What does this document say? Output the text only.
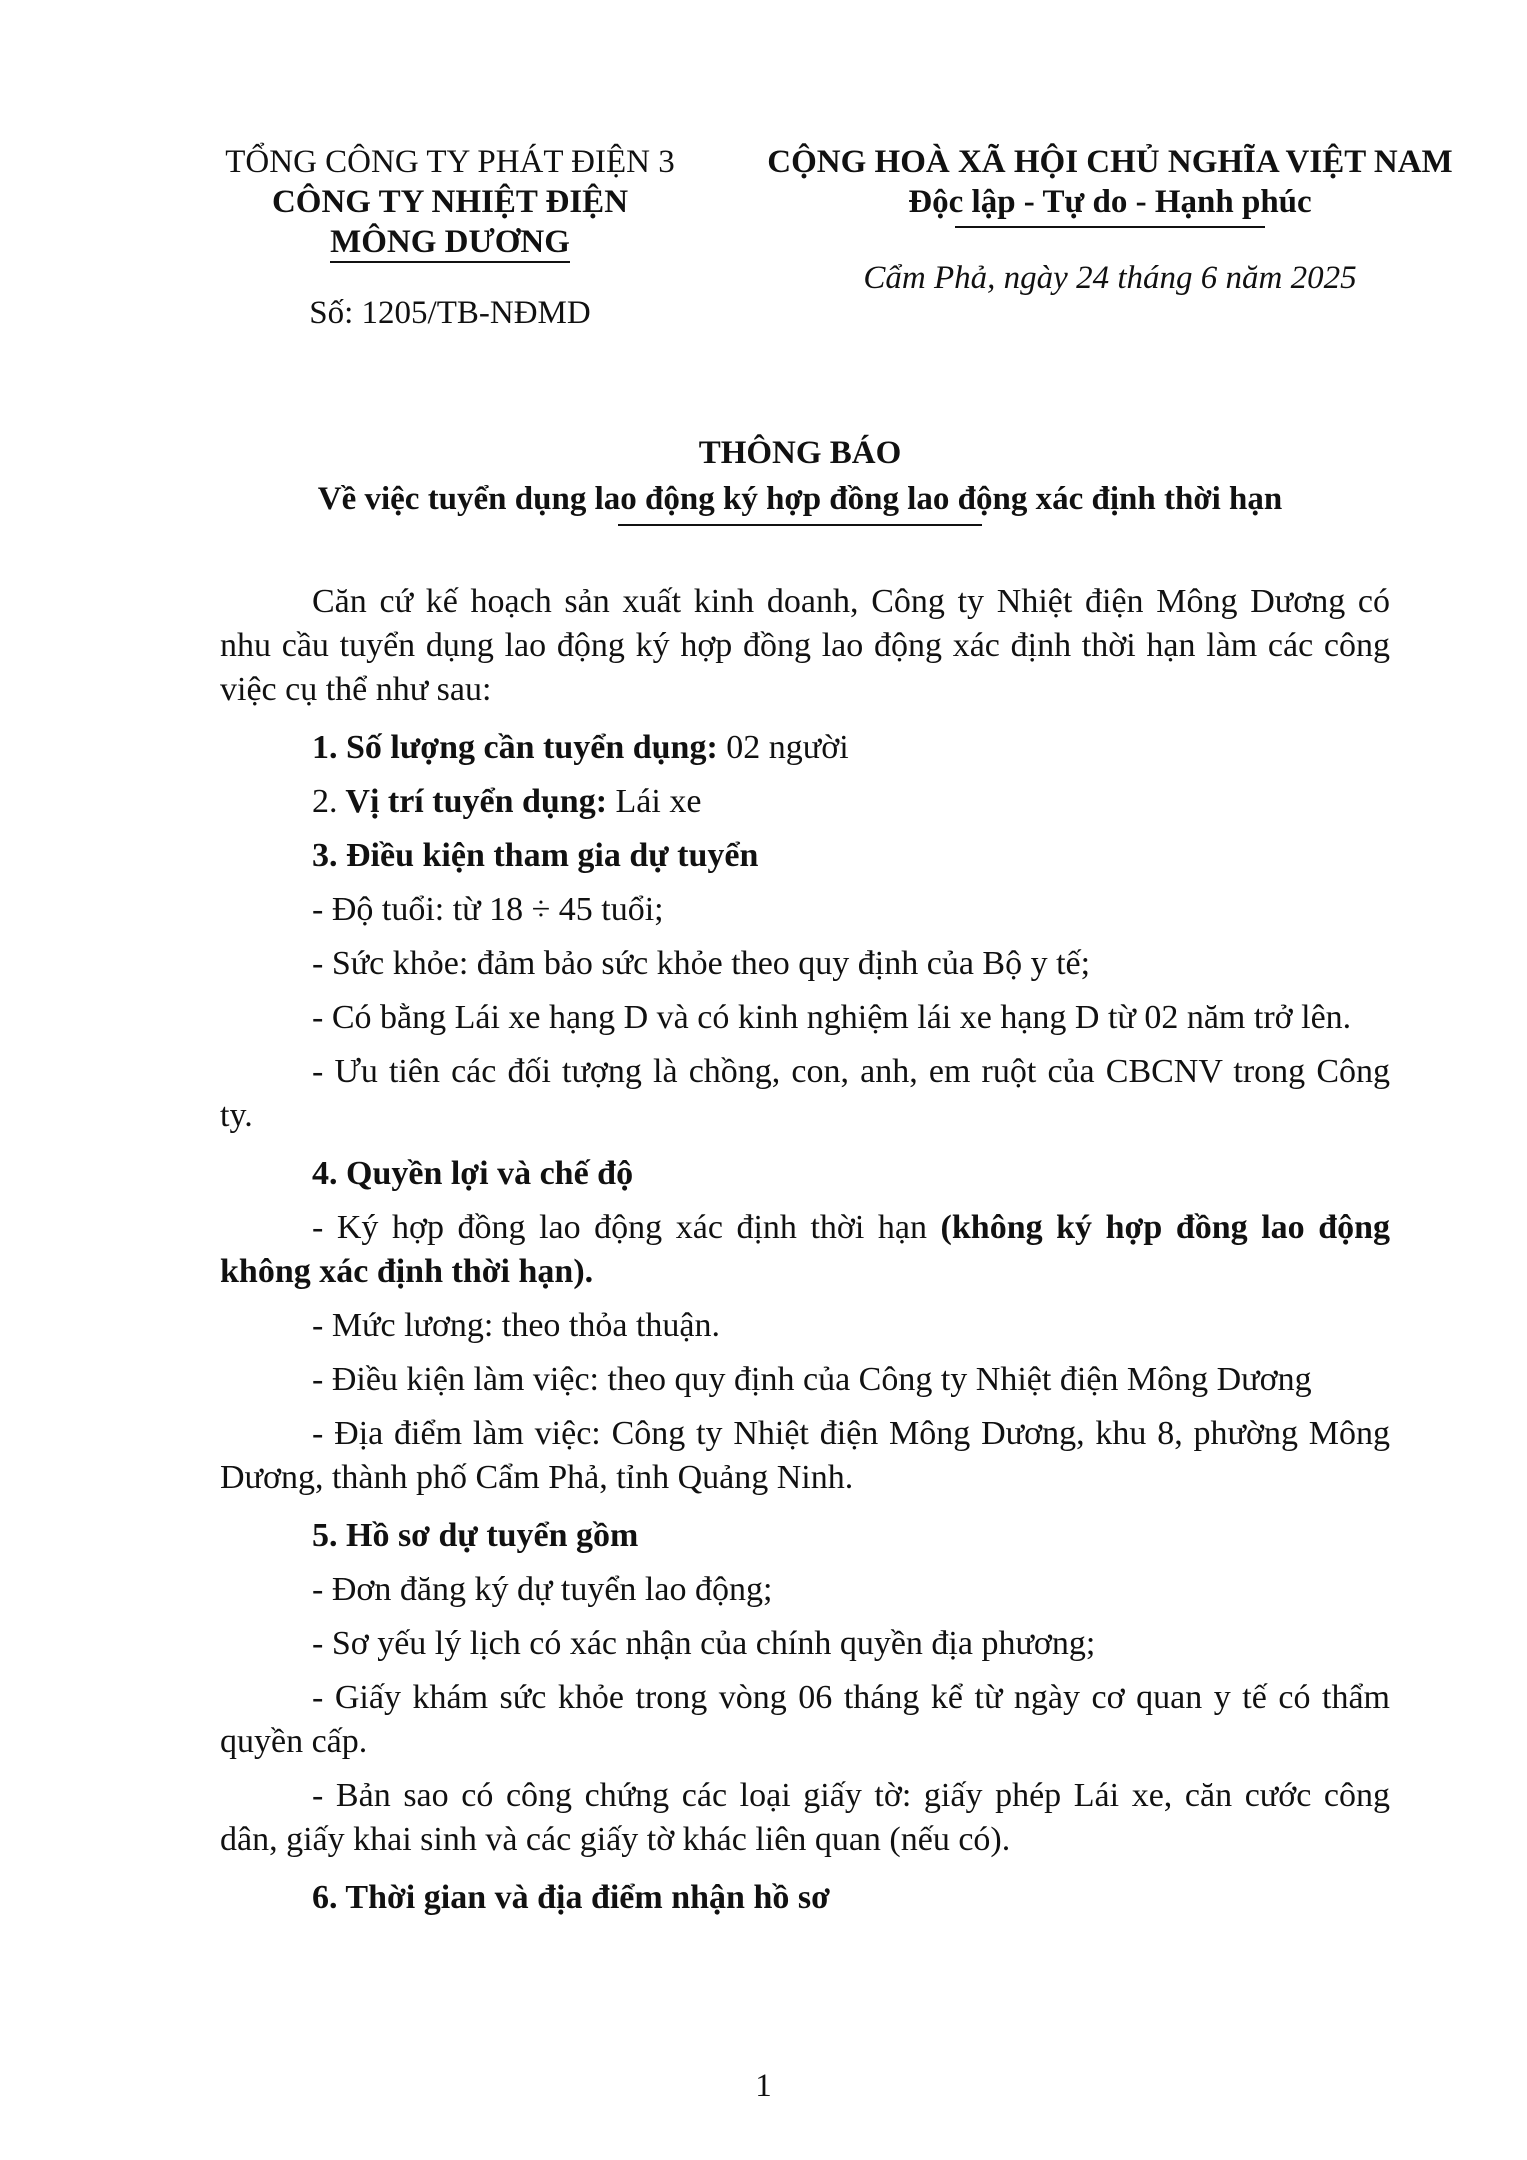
TỔNG CÔNG TY PHÁT ĐIỆN 3
CÔNG TY NHIỆT ĐIỆN
MÔNG DƯƠNG
Số: 1205/TB-NĐMD
CỘNG HOÀ XÃ HỘI CHỦ NGHĨA VIỆT NAM
Độc lập - Tự do - Hạnh phúc
Cẩm Phả, ngày 24 tháng 6 năm 2025
THÔNG BÁO
Về việc tuyển dụng lao động ký hợp đồng lao động xác định thời hạn

Căn cứ kế hoạch sản xuất kinh doanh, Công ty Nhiệt điện Mông Dương có nhu cầu tuyển dụng lao động ký hợp đồng lao động xác định thời hạn làm các công việc cụ thể như sau:

1. Số lượng cần tuyển dụng: 02 người

2. Vị trí tuyển dụng: Lái xe

3. Điều kiện tham gia dự tuyển

- Độ tuổi: từ 18 ÷ 45 tuổi;

- Sức khỏe: đảm bảo sức khỏe theo quy định của Bộ y tế;

- Có bằng Lái xe hạng D và có kinh nghiệm lái xe hạng D từ 02 năm trở lên.

- Ưu tiên các đối tượng là chồng, con, anh, em ruột của CBCNV trong Công ty.

4. Quyền lợi và chế độ

- Ký hợp đồng lao động xác định thời hạn (không ký hợp đồng lao động không xác định thời hạn).

- Mức lương: theo thỏa thuận.

- Điều kiện làm việc: theo quy định của Công ty Nhiệt điện Mông Dương

- Địa điểm làm việc: Công ty Nhiệt điện Mông Dương, khu 8, phường Mông Dương, thành phố Cẩm Phả, tỉnh Quảng Ninh.

5. Hồ sơ dự tuyển gồm

- Đơn đăng ký dự tuyển lao động;

- Sơ yếu lý lịch có xác nhận của chính quyền địa phương;

- Giấy khám sức khỏe trong vòng 06 tháng kể từ ngày cơ quan y tế có thẩm quyền cấp.

- Bản sao có công chứng các loại giấy tờ: giấy phép Lái xe, căn cước công dân, giấy khai sinh và các giấy tờ khác liên quan (nếu có).

6. Thời gian và địa điểm nhận hồ sơ

1
